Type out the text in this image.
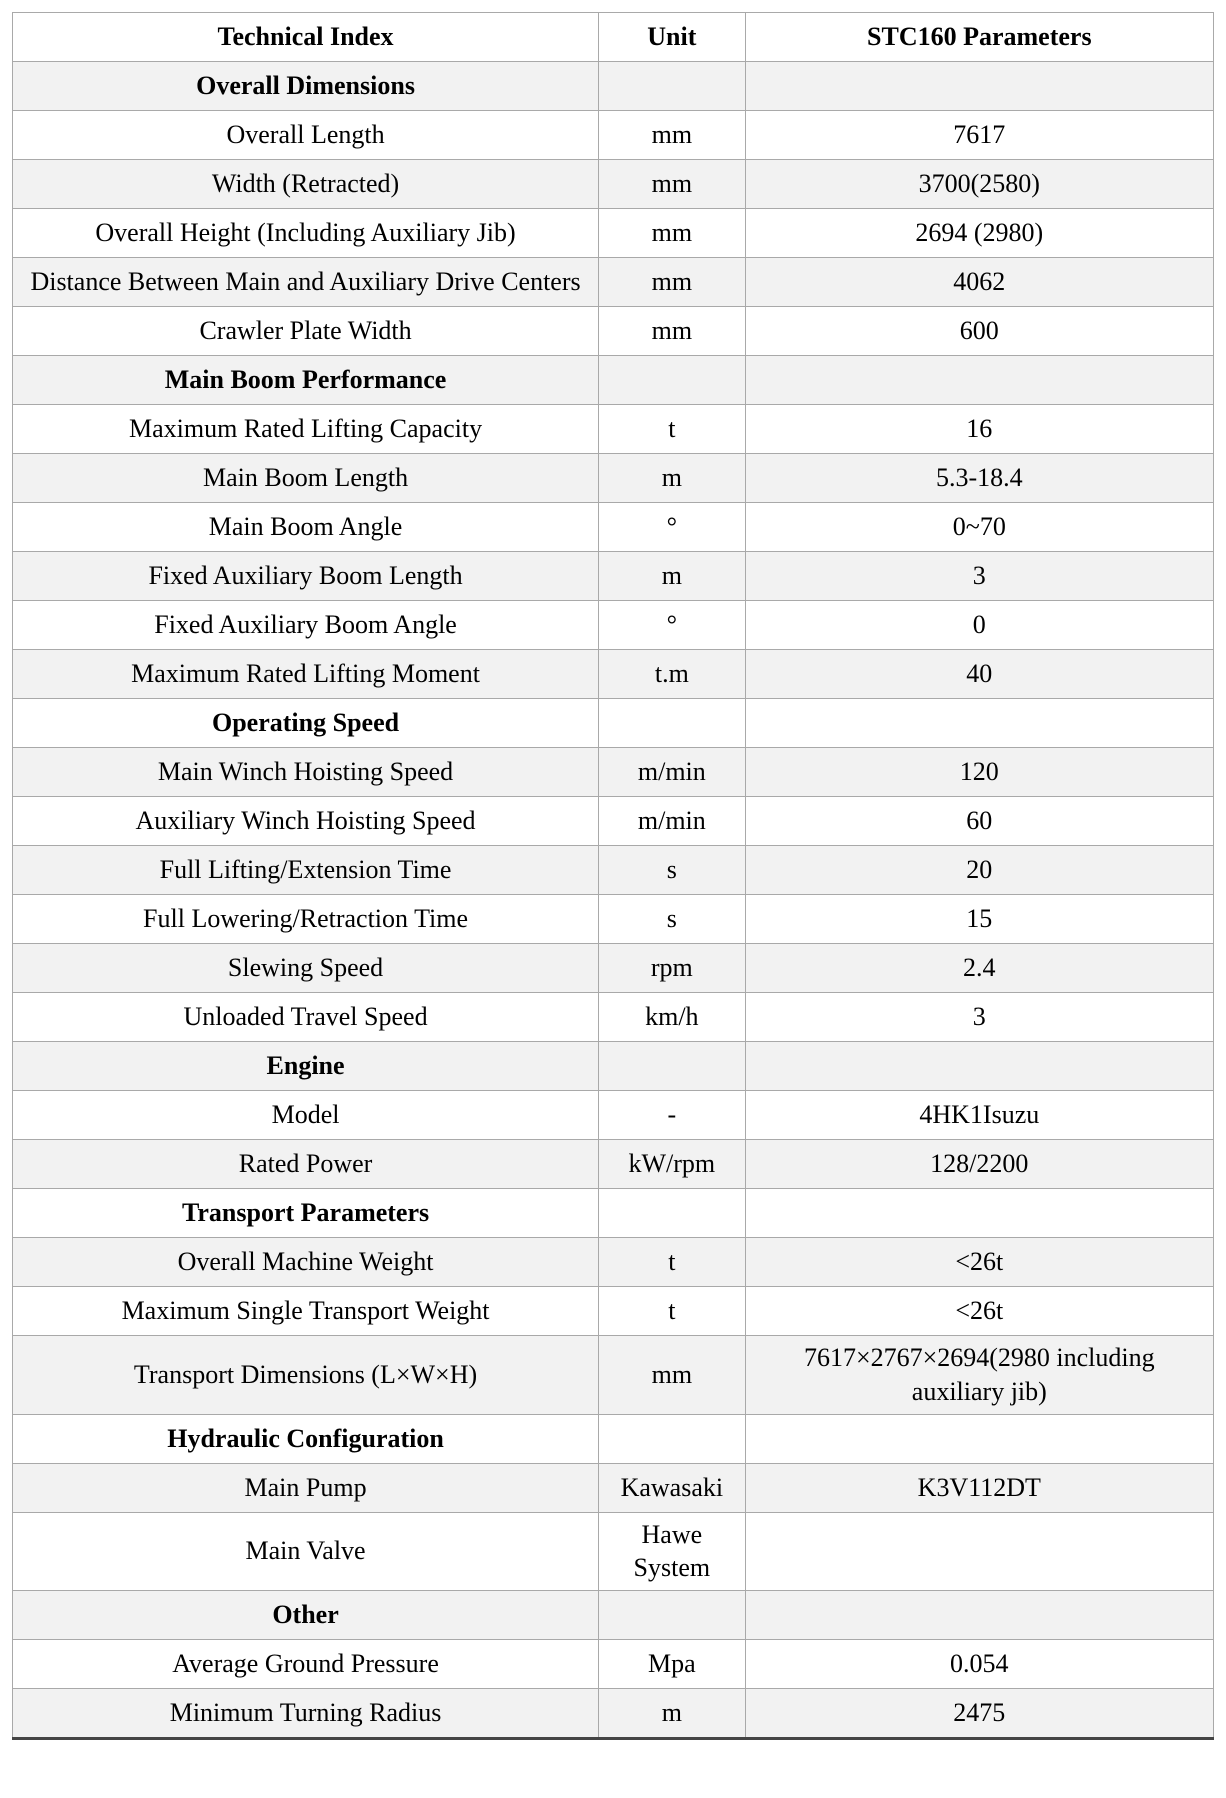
Technical Index	Unit	STC160 Parameters
Overall Dimensions		
Overall Length	mm	7617
Width (Retracted)	mm	3700(2580)
Overall Height (Including Auxiliary Jib)	mm	2694 (2980)
Distance Between Main and Auxiliary Drive Centers	mm	4062
Crawler Plate Width	mm	600
Main Boom Performance		
Maximum Rated Lifting Capacity	t	16
Main Boom Length	m	5.3-18.4
Main Boom Angle	°	0~70
Fixed Auxiliary Boom Length	m	3
Fixed Auxiliary Boom Angle	°	0
Maximum Rated Lifting Moment	t.m	40
Operating Speed		
Main Winch Hoisting Speed	m/min	120
Auxiliary Winch Hoisting Speed	m/min	60
Full Lifting/Extension Time	s	20
Full Lowering/Retraction Time	s	15
Slewing Speed	rpm	2.4
Unloaded Travel Speed	km/h	3
Engine		
Model	-	4HK1Isuzu
Rated Power	kW/rpm	128/2200
Transport Parameters		
Overall Machine Weight	t	<26t
Maximum Single Transport Weight	t	<26t
Transport Dimensions (L×W×H)	mm	7617×2767×2694(2980 including auxiliary jib)
Hydraulic Configuration		
Main Pump	Kawasaki	K3V112DT
Main Valve	Hawe System	
Other		
Average Ground Pressure	Mpa	0.054
Minimum Turning Radius	m	2475
